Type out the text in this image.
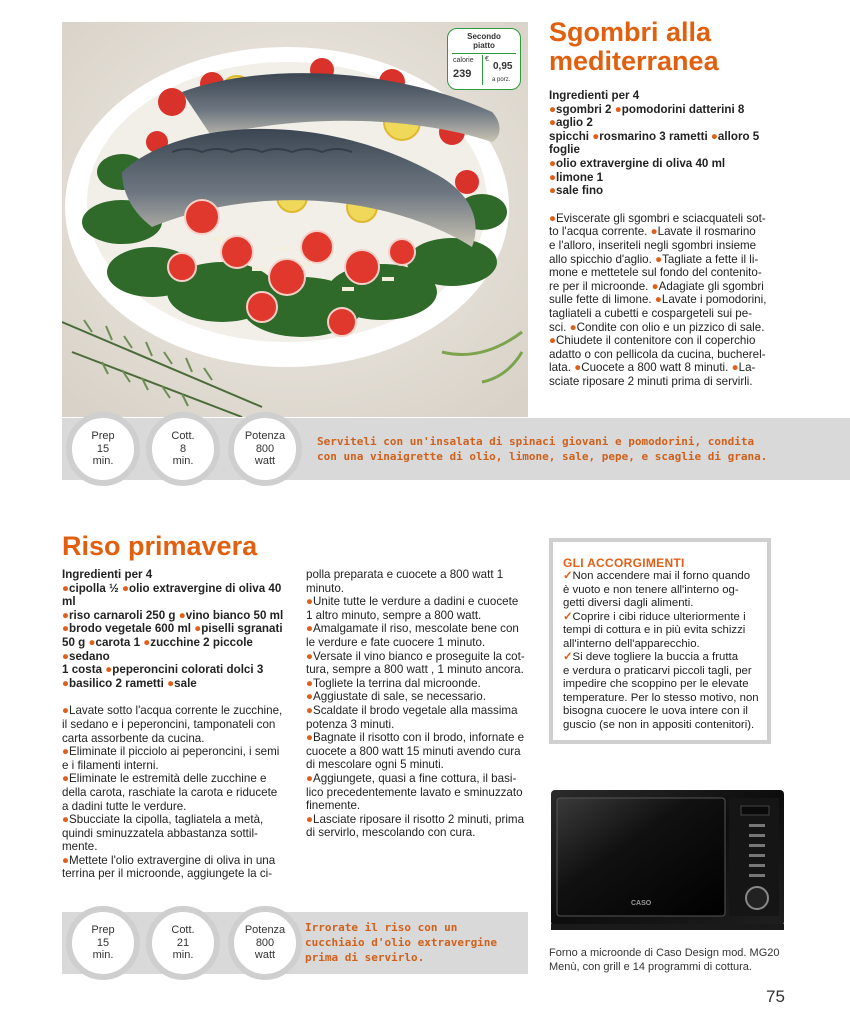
Secondo
piatto
calorie
239
€
0,95
a porz.
Sgombri alla
mediterranea
Ingredienti per 4

●sgombri 2 ●pomodorini datterini 8 ●aglio 2

spicchi ●rosmarino 3 rametti ●alloro 5 foglie

●olio extravergine di oliva 40 ml ●limone 1

●sale fino

●Eviscerate gli sgombri e sciacquateli sot-

to l'acqua corrente. ●Lavate il rosmarino

e l'alloro, inseriteli negli sgombri insieme

allo spicchio d'aglio. ●Tagliate a fette il li-

mone e mettetele sul fondo del contenito-

re per il microonde. ●Adagiate gli sgombri

sulle fette di limone. ●Lavate i pomodorini,

tagliateli a cubetti e cospargeteli sui pe-

sci. ●Condite con olio e un pizzico di sale.

●Chiudete il contenitore con il coperchio

adatto o con pellicola da cucina, bucherel-

lata. ●Cuocete a 800 watt 8 minuti. ●La-

sciate riposare 2 minuti prima di servirli.

Prep
15
min.
Cott.
8
min.
Potenza
800
watt
Serviteli con un'insalata di spinaci giovani e pomodorini, condita
con una vinaigrette di olio, limone, sale, pepe, e scaglie di grana.
Riso primavera
Ingredienti per 4

●cipolla ½ ●olio extravergine di oliva 40 ml

●riso carnaroli 250 g ●vino bianco 50 ml

●brodo vegetale 600 ml ●piselli sgranati

50 g ●carota 1 ●zucchine 2 piccole ●sedano

1 costa ●peperoncini colorati dolci 3

●basilico 2 rametti ●sale

●Lavate sotto l'acqua corrente le zucchine,

il sedano e i peperoncini, tamponateli con

carta assorbente da cucina.

●Eliminate il picciolo ai peperoncini, i semi

e i filamenti interni.

●Eliminate le estremità delle zucchine e

della carota, raschiate la carota e riducete

a dadini tutte le verdure.

●Sbucciate la cipolla, tagliatela a metà,

quindi sminuzzatela abbastanza sottil-

mente.

●Mettete l'olio extravergine di oliva in una

terrina per il microonde, aggiungete la ci-

polla preparata e cuocete a 800 watt 1

minuto.

●Unite tutte le verdure a dadini e cuocete

1 altro minuto, sempre a 800 watt.

●Amalgamate il riso, mescolate bene con

le verdure e fate cuocere 1 minuto.

●Versate il vino bianco e proseguite la cot-

tura, sempre a 800 watt , 1 minuto ancora.

●Togliete la terrina dal microonde.

●Aggiustate di sale, se necessario.

●Scaldate il brodo vegetale alla massima

potenza 3 minuti.

●Bagnate il risotto con il brodo, infornate e

cuocete a 800 watt 15 minuti avendo cura

di mescolare ogni 5 minuti.

●Aggiungete, quasi a fine cottura, il basi-

lico precedentemente lavato e sminuzzato

finemente.

●Lasciate riposare il risotto 2 minuti, prima

di servirlo, mescolando con cura.

Prep
15
min.
Cott.
21
min.
Potenza
800
watt
Irrorate il riso con un
cucchiaio d'olio extravergine
prima di servirlo.
GLI ACCORGIMENTI

✓Non accendere mai il forno quando

è vuoto e non tenere all'interno og-

getti diversi dagli alimenti.

✓Coprire i cibi riduce ulteriormente i

tempi di cottura e in più evita schizzi

all'interno dell'apparecchio.

✓Si deve togliere la buccia a frutta

e verdura o praticarvi piccoli tagli, per

impedire che scoppino per le elevate

temperature. Per lo stesso motivo, non

bisogna cuocere le uova intere con il

guscio (se non in appositi contenitori).

CASO
Forno a microonde di Caso Design mod. MG20
Menù, con grill e 14 programmi di cottura.
75
